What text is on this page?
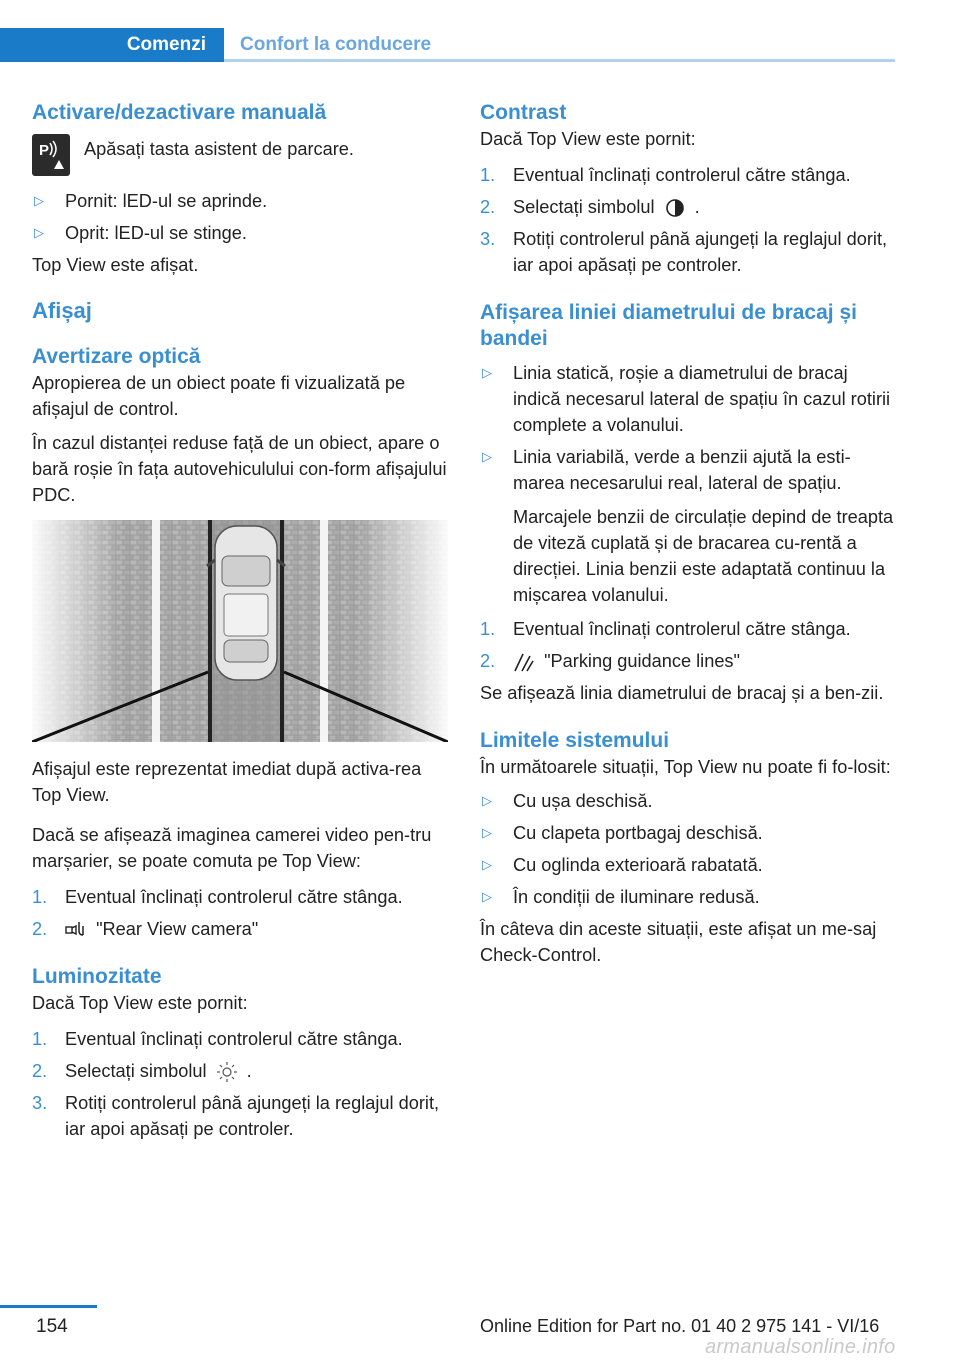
Comenzi Confort la conducere
Activare/dezactivare manuală
P Apăsați tasta asistent de parcare.

▷	Pornit: lED-ul se aprinde.
▷	Oprit: lED-ul se stinge.

Top View este afișat.

Afișaj
Avertizare optică

Apropierea de un obiect poate fi vizualizată pe afișajul de control.

În cazul distanței reduse față de un obiect, apare o bară roșie în fața autovehiculului con-form afișajului PDC.

Afișajul este reprezentat imediat după activa-rea Top View.

Dacă se afișează imaginea camerei video pen-tru marșarier, se poate comuta pe Top View:

1. Eventual înclinați controlerul către stânga.
2.	"Rear View camera"
Luminozitate

Dacă Top View este pornit:

1. Eventual înclinați controlerul către stânga.
2. Selectați simbolul .
3. Rotiți controlerul până ajungeți la reglajul dorit, iar apoi apăsați pe controler.
Contrast

Dacă Top View este pornit:

1. Eventual înclinați controlerul către stânga.
2. Selectați simbolul .
3. Rotiți controlerul până ajungeți la reglajul dorit, iar apoi apăsați pe controler.
Afișarea liniei diametrului de bracaj și bandei
▷	Linia statică, roșie a diametrului de bracaj indică necesarul lateral de spațiu în cazul rotirii complete a volanului.
▷	Linia variabilă, verde a benzii ajută la esti-marea necesarului real, lateral de spațiu.

Marcajele benzii de circulație depind de treapta de viteză cuplată și de bracarea cu-rentă a direcției. Linia benzii este adaptată continuu la mișcarea volanului.

1. Eventual înclinați controlerul către stânga.
2.	"Parking guidance lines"

Se afișează linia diametrului de bracaj și a ben-zii.

Limitele sistemului

În următoarele situații, Top View nu poate fi fo-losit:

▷	Cu ușa deschisă.
▷	Cu clapeta portbagaj deschisă.
▷	Cu oglinda exterioară rabatată.
▷	În condiții de iluminare redusă.

În câteva din aceste situații, este afișat un me-saj Check-Control.

154	Online Edition for Part no. 01 40 2 975 141 - VI/16
armanualsonline.info
